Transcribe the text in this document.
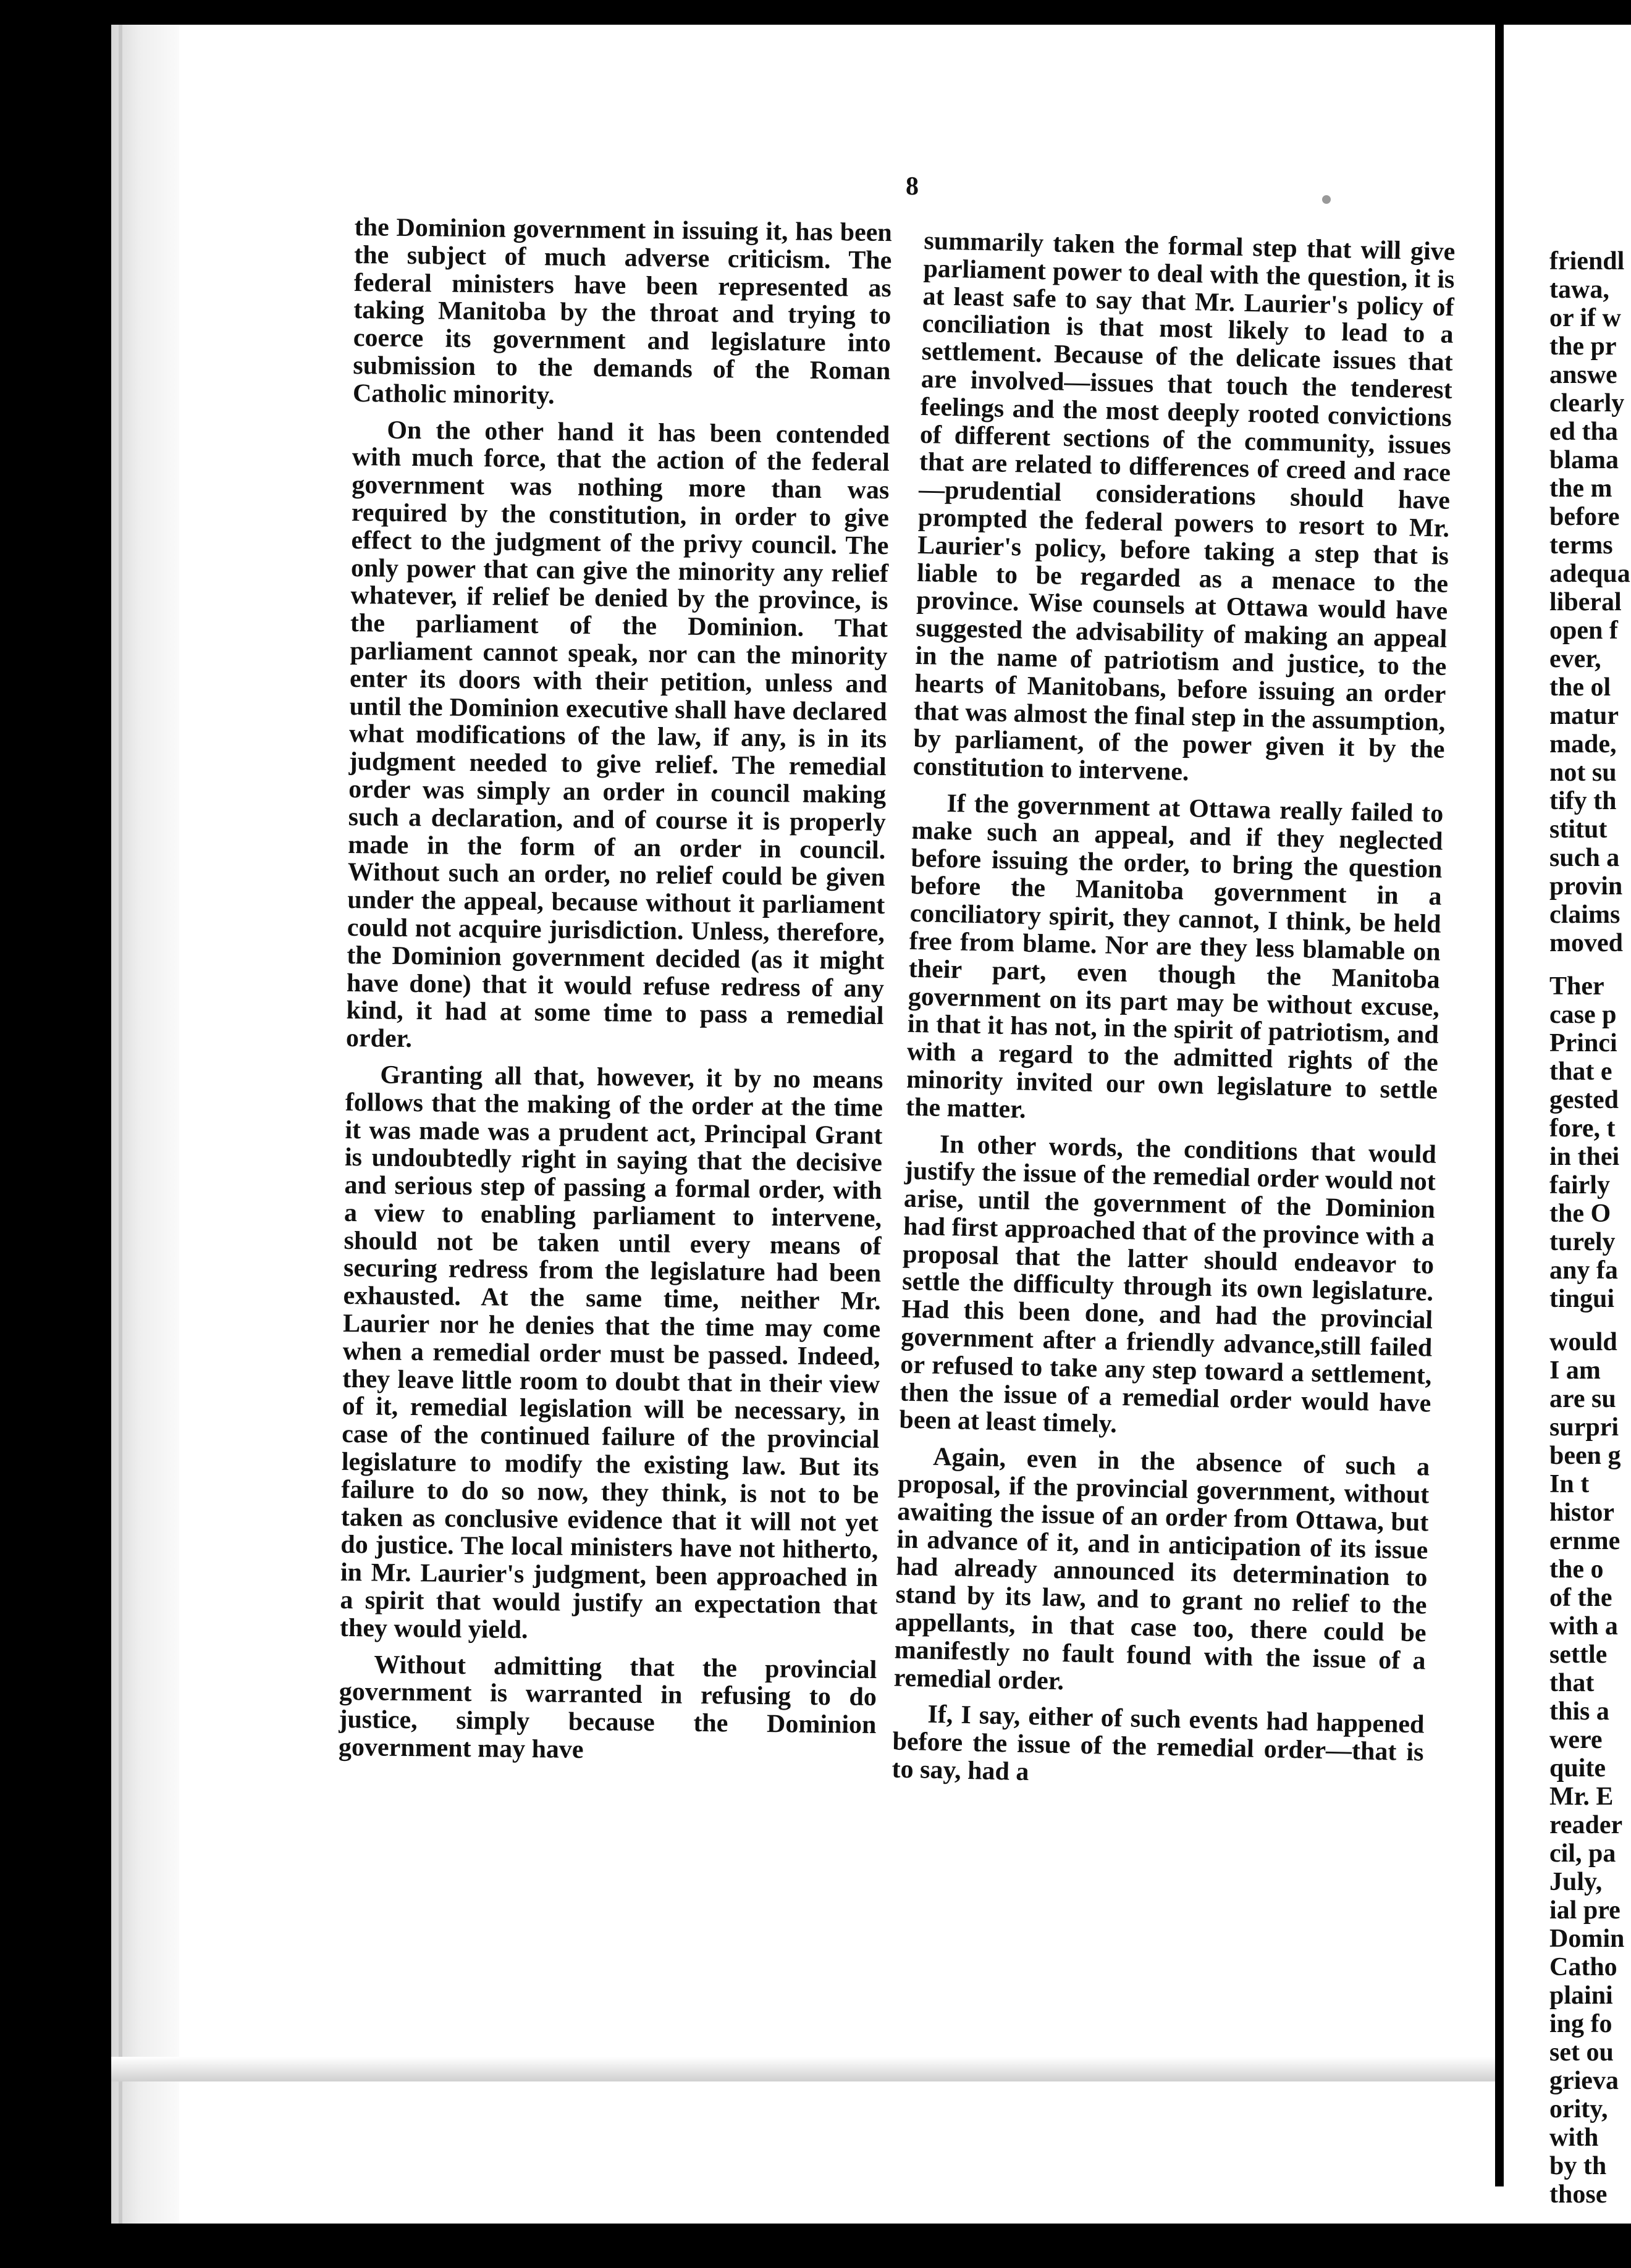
8

the Dominion government in issuing it, has been the subject of much adverse criticism. The federal ministers have been represented as taking Manitoba by the throat and trying to coerce its government and legislature into submission to the demands of the Roman Catholic minority.

On the other hand it has been contended with much force, that the action of the federal government was nothing more than was required by the constitution, in order to give effect to the judgment of the privy council. The only power that can give the minority any relief whatever, if relief be denied by the province, is the parliament of the Dominion. That parliament cannot speak, nor can the minority enter its doors with their petition, unless and until the Dominion executive shall have declared what modifications of the law, if any, is in its judgment needed to give relief. The remedial order was simply an order in council making such a declaration, and of course it is properly made in the form of an order in council. Without such an order, no relief could be given under the appeal, because without it parliament could not acquire jurisdiction. Unless, therefore, the Dominion government decided (as it might have done) that it would refuse redress of any kind, it had at some time to pass a remedial order.

Granting all that, however, it by no means follows that the making of the order at the time it was made was a prudent act, Principal Grant is undoubtedly right in saying that the decisive and serious step of passing a formal order, with a view to enabling parliament to intervene, should not be taken until every means of securing redress from the legislature had been exhausted. At the same time, neither Mr. Laurier nor he denies that the time may come when a remedial order must be passed. Indeed, they leave little room to doubt that in their view of it, remedial legislation will be necessary, in case of the continued failure of the provincial legislature to modify the existing law. But its failure to do so now, they think, is not to be taken as conclusive evidence that it will not yet do justice. The local ministers have not hitherto, in Mr. Laurier's judgment, been approached in a spirit that would justify an expectation that they would yield.

Without admitting that the provincial government is warranted in refusing to do justice, simply because the Dominion government may have

summarily taken the formal step that will give parliament power to deal with the question, it is at least safe to say that Mr. Laurier's policy of conciliation is that most likely to lead to a settlement. Because of the delicate issues that are involved—issues that touch the tenderest feelings and the most deeply rooted convictions of different sections of the community, issues that are related to differences of creed and race—prudential considerations should have prompted the federal powers to resort to Mr. Laurier's policy, before taking a step that is liable to be regarded as a menace to the province. Wise counsels at Ottawa would have suggested the advisability of making an appeal in the name of patriotism and justice, to the hearts of Manitobans, before issuing an order that was almost the final step in the assumption, by parliament, of the power given it by the constitution to intervene.

If the government at Ottawa really failed to make such an appeal, and if they neglected before issuing the order, to bring the question before the Manitoba government in a conciliatory spirit, they cannot, I think, be held free from blame. Nor are they less blamable on their part, even though the Manitoba government on its part may be without excuse, in that it has not, in the spirit of patriotism, and with a regard to the admitted rights of the minority invited our own legislature to settle the matter.

In other words, the conditions that would justify the issue of the remedial order would not arise, until the government of the Dominion had first approached that of the province with a proposal that the latter should endeavor to settle the difficulty through its own legislature. Had this been done, and had the provincial government after a friendly advance,still failed or refused to take any step toward a settlement, then the issue of a remedial order would have been at least timely.

Again, even in the absence of such a proposal, if the provincial government, without awaiting the issue of an order from Ottawa, but in advance of it, and in anticipation of its issue had already announced its determination to stand by its law, and to grant no relief to the appellants, in that case too, there could be manifestly no fault found with the issue of a remedial order.

If, I say, either of such events had happened before the issue of the remedial order—that is to say, had a

friendl
tawa,
or if w
the pr
answe
clearly
ed tha
blama
the m
before
terms
adequa
liberal
open f
ever,
the ol
matur
made,
not su
tify th
stitut
such a
provin
claims
moved
Ther
case p
Princi
that e
gested
fore, t
in thei
fairly
the O
turely
any fa
tingui
would
I am
are su
surpri
been g
In t
histor
ernme
the o
of the
with a
settle
that
this a
were
quite
Mr. E
reader
cil, pa
July,
ial pre
Domin
Catho
plaini
ing fo
set ou
grieva
ority,
with
by th
those
